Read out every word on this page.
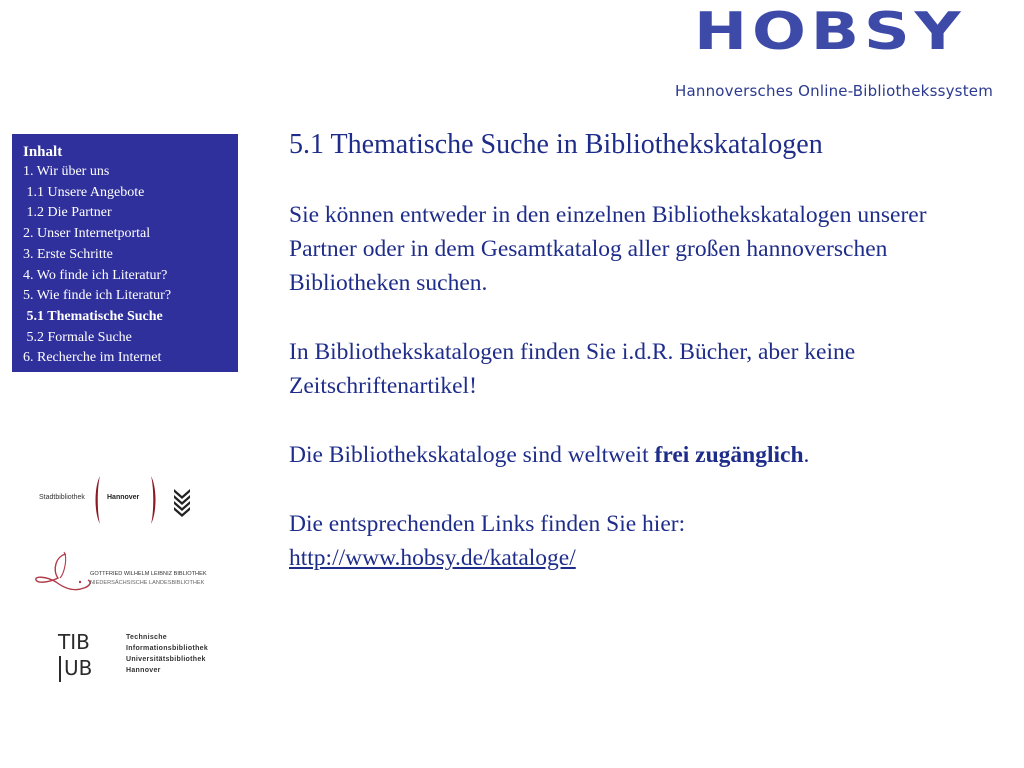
HOBSY
Hannoversches Online-Bibliothekssystem
Inhalt
1. Wir über uns
1.1 Unsere Angebote
1.2 Die Partner
2. Unser Internetportal
3. Erste Schritte
4. Wo finde ich Literatur?
5. Wie finde ich Literatur?
5.1 Thematische Suche
5.2 Formale Suche
6. Recherche im Internet
Stadtbibliothek	Hannover
GOTTFRIED WILHELM LEIBNIZ BIBLIOTHEK
NIEDERSÄCHSISCHE LANDESBIBLIOTHEK
TIB
UB
Technische
Informationsbibliothek
Universitätsbibliothek
Hannover
5.1 Thematische Suche in Bibliothekskatalogen

Sie können entweder in den einzelnen Bibliothekskatalogen unserer Partner oder in dem Gesamtkatalog aller großen hannoverschen Bibliotheken suchen.

In Bibliothekskatalogen finden Sie i.d.R. Bücher, aber keine Zeitschriftenartikel!

Die Bibliothekskataloge sind weltweit frei zugänglich.

Die entsprechenden Links finden Sie hier:
http://www.hobsy.de/kataloge/
